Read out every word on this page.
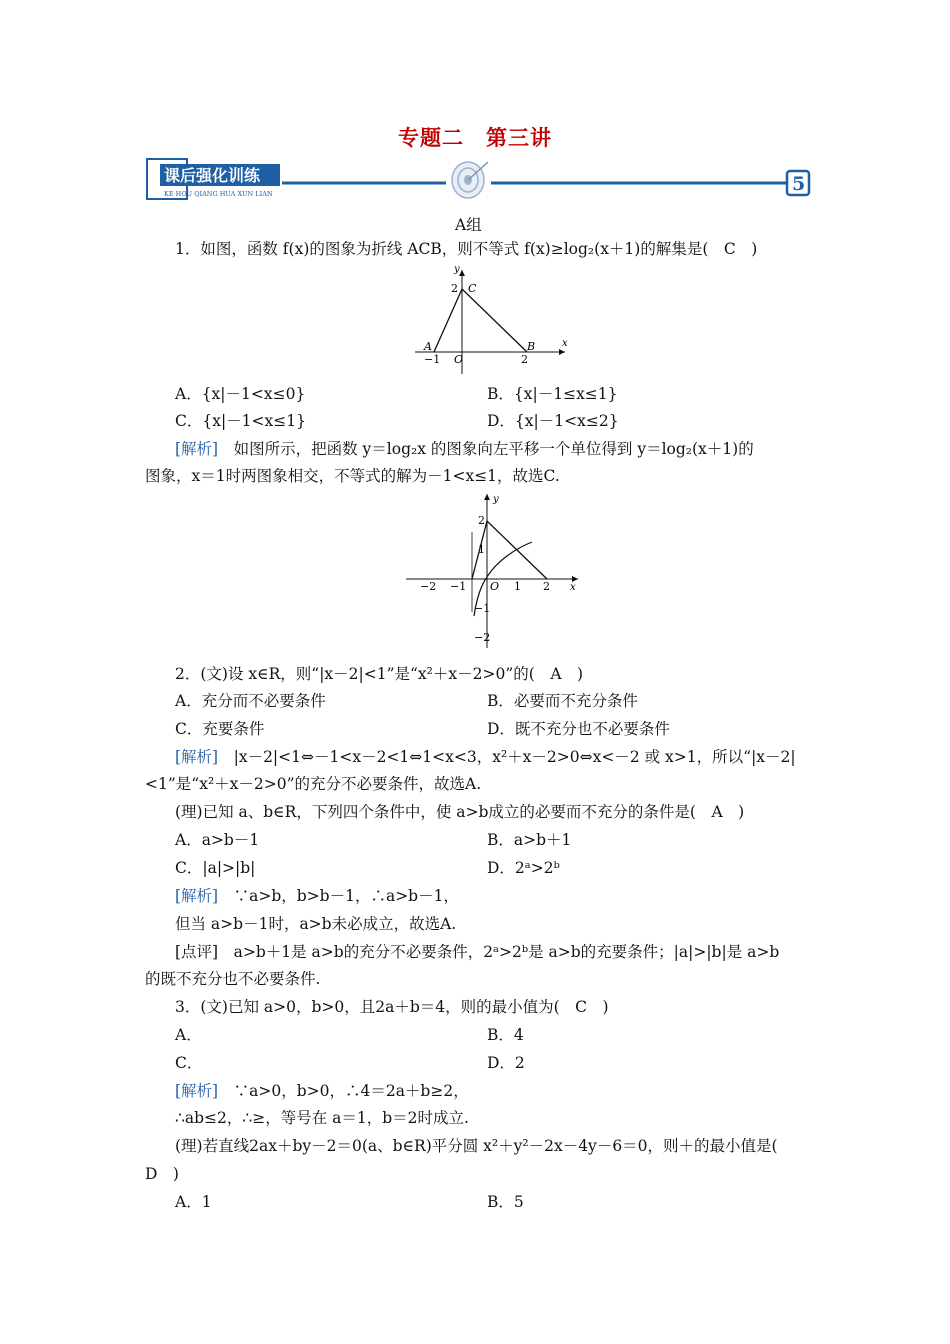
专题二　第三讲
课后强化训练
KE HOU QIANG HUA XUN LIAN	5
A组
1．如图，函数 f(x)的图象为折线 ACB，则不等式 f(x)≥log₂(x＋1)的解集是(　C　)
y
x
C
2
A
−1 O
B
2
A．{x|－1<x≤0}	B．{x|－1≤x≤1}
C．{x|－1<x≤1}	D．{x|－1<x≤2}
[解析]　如图所示，把函数 y＝log₂x 的图象向左平移一个单位得到 y＝log₂(x＋1)的
图象，x＝1时两图象相交，不等式的解为－1<x≤1，故选C.
y
x
−2 −1 O 1 2
2
1
−1
−2
2．(文)设 x∈R，则“|x－2|<1”是“x²＋x－2>0”的(　A　)
A．充分而不必要条件	B．必要而不充分条件
C．充要条件	D．既不充分也不必要条件
[解析]　|x－2|<1⇔－1<x－2<1⇔1<x<3，x²＋x－2>0⇔x<－2 或 x>1，所以“|x－2|
<1”是“x²＋x－2>0”的充分不必要条件，故选A.
(理)已知 a、b∈R，下列四个条件中，使 a>b成立的必要而不充分的条件是(　A　)
A．a>b－1	B．a>b＋1
C．|a|>|b|	D．2ᵃ>2ᵇ
[解析]　∵a>b，b>b－1，∴a>b－1，
但当 a>b－1时，a>b未必成立，故选A.
[点评]　a>b＋1是 a>b的充分不必要条件，2ᵃ>2ᵇ是 a>b的充要条件；|a|>|b|是 a>b
的既不充分也不必要条件.
3．(文)已知 a>0，b>0，且2a＋b＝4，则的最小值为(　C　)
A．	B．4
C．	D．2
[解析]　∵a>0，b>0，∴4＝2a＋b≥2，
∴ab≤2，∴≥，等号在 a＝1，b＝2时成立.
(理)若直线2ax＋by－2＝0(a、b∈R)平分圆 x²＋y²－2x－4y－6＝0，则＋的最小值是(
D　)
A．1	B．5
